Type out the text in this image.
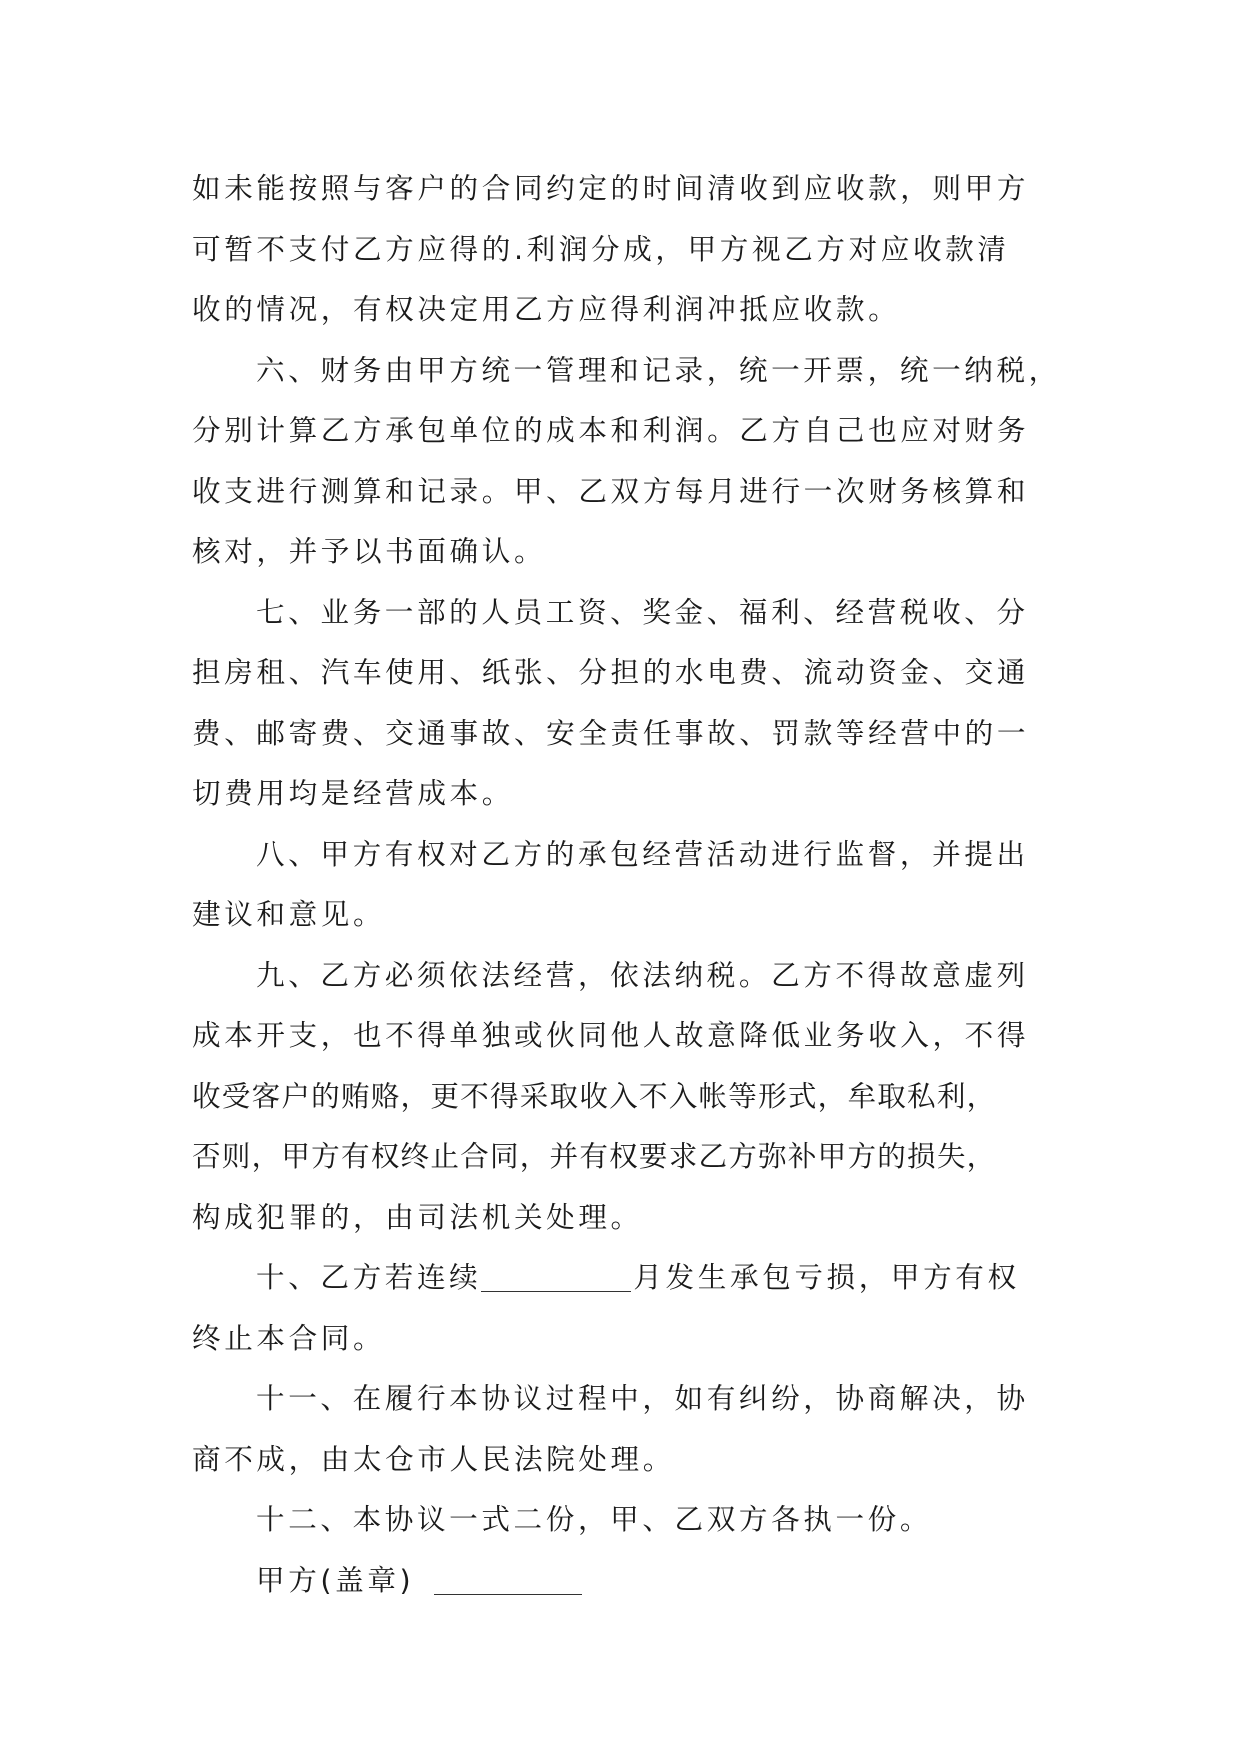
如未能按照与客户的合同约定的时间清收到应收款，则甲方
可暂不支付乙方应得的.利润分成，甲方视乙方对应收款清
收的情况，有权决定用乙方应得利润冲抵应收款。
六、财务由甲方统一管理和记录，统一开票，统一纳税，
分别计算乙方承包单位的成本和利润。乙方自己也应对财务
收支进行测算和记录。甲、乙双方每月进行一次财务核算和
核对，并予以书面确认。
七、业务一部的人员工资、奖金、福利、经营税收、分
担房租、汽车使用、纸张、分担的水电费、流动资金、交通
费、邮寄费、交通事故、安全责任事故、罚款等经营中的一
切费用均是经营成本。
八、甲方有权对乙方的承包经营活动进行监督，并提出
建议和意见。
九、乙方必须依法经营，依法纳税。乙方不得故意虚列
成本开支，也不得单独或伙同他人故意降低业务收入，不得
收受客户的贿赂，更不得采取收入不入帐等形式，牟取私利，
否则，甲方有权终止合同，并有权要求乙方弥补甲方的损失，
构成犯罪的，由司法机关处理。
十、乙方若连续	月发生承包亏损，甲方有权
终止本合同。
十一、在履行本协议过程中，如有纠纷，协商解决，协
商不成，由太仓市人民法院处理。
十二、本协议一式二份，甲、乙双方各执一份。
甲方(盖章)
